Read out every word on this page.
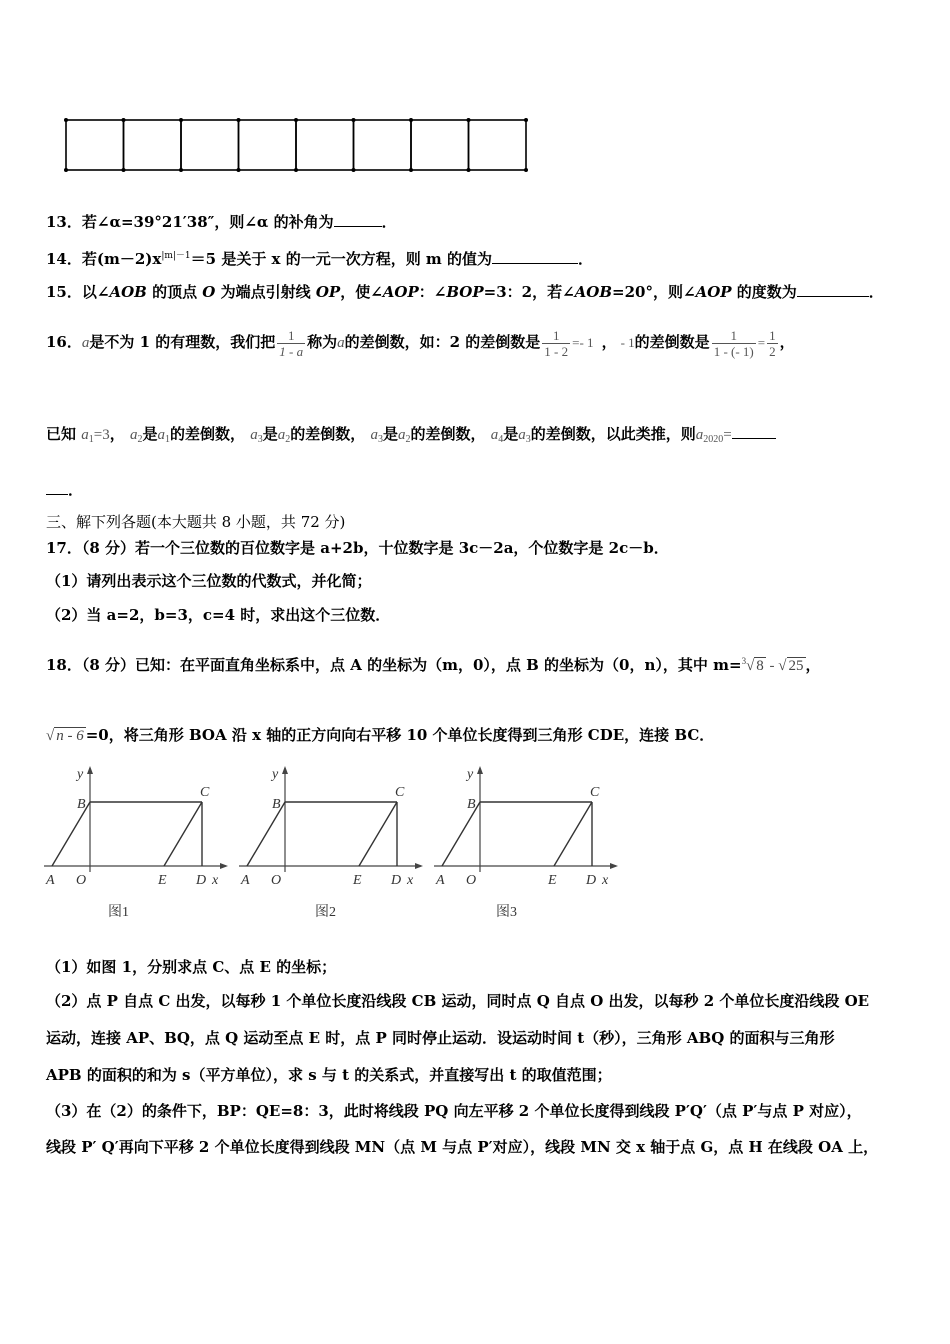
13．若∠α=39°21′38″，则∠α 的补角为	．
14．若$(m-2)x^{|m|-1}=5$ 是关于 x 的一元一次方程，则 m 的值为	．
15．以∠AOB 的顶点 O 为端点引射线 OP，使∠AOP：∠BOP=3：2，若∠AOB=20°，则∠AOP 的度数为	．
16．a是不为 1 的有理数，我们把 $\frac{1}{1 - a}$ 称为a的差倒数，如：2 的差倒数是 $\frac{1}{1 - 2} =- 1$ ， - 1的差倒数是 $\frac{1}{1 - (- 1)} = \frac{1}{2}$ ，
已知 $a_1=3$， $a_2$是$a_1$的差倒数， $a_3$是$a_2$的差倒数， $a_3$是$a_2$的差倒数， $a_4$是$a_3$的差倒数，以此类推，则$a_{2020}=$
．
三、解下列各题(本大题共 8 小题，共 72 分)
17．（8 分）若一个三位数的百位数字是 a+2b，十位数字是 3c－2a，个位数字是 2c－b．
（1）请列出表示这个三位数的代数式，并化简；
（2）当 a=2，b=3，c=4 时，求出这个三位数．
18．（8 分）已知：在平面直角坐标系中，点 A 的坐标为（m，0），点 B 的坐标为（0，n），其中 m=$^3$√ 8 - √ 25 ，
√ n - 6 =0，将三角形 BOA 沿 x 轴的正方向向右平移 10 个单位长度得到三角形 CDE，连接 BC．
y
B
C
A O	E D x
图1
y
B
C
A O	E D x
图2
y
B
C
A O	E D x
图3
（1）如图 1，分别求点 C、点 E 的坐标；
（2）点 P 自点 C 出发，以每秒 1 个单位长度沿线段 CB 运动，同时点 Q 自点 O 出发，以每秒 2 个单位长度沿线段 OE
运动，连接 AP、BQ，点 Q 运动至点 E 时，点 P 同时停止运动．设运动时间 t（秒），三角形 ABQ 的面积与三角形
APB 的面积的和为 s（平方单位），求 s 与 t 的关系式，并直接写出 t 的取值范围；
（3）在（2）的条件下，BP：QE=8：3，此时将线段 PQ 向左平移 2 个单位长度得到线段 P′Q′（点 P′与点 P 对应），
线段 P′ Q′再向下平移 2 个单位长度得到线段 MN（点 M 与点 P′对应），线段 MN 交 x 轴于点 G，点 H 在线段 OA 上，
